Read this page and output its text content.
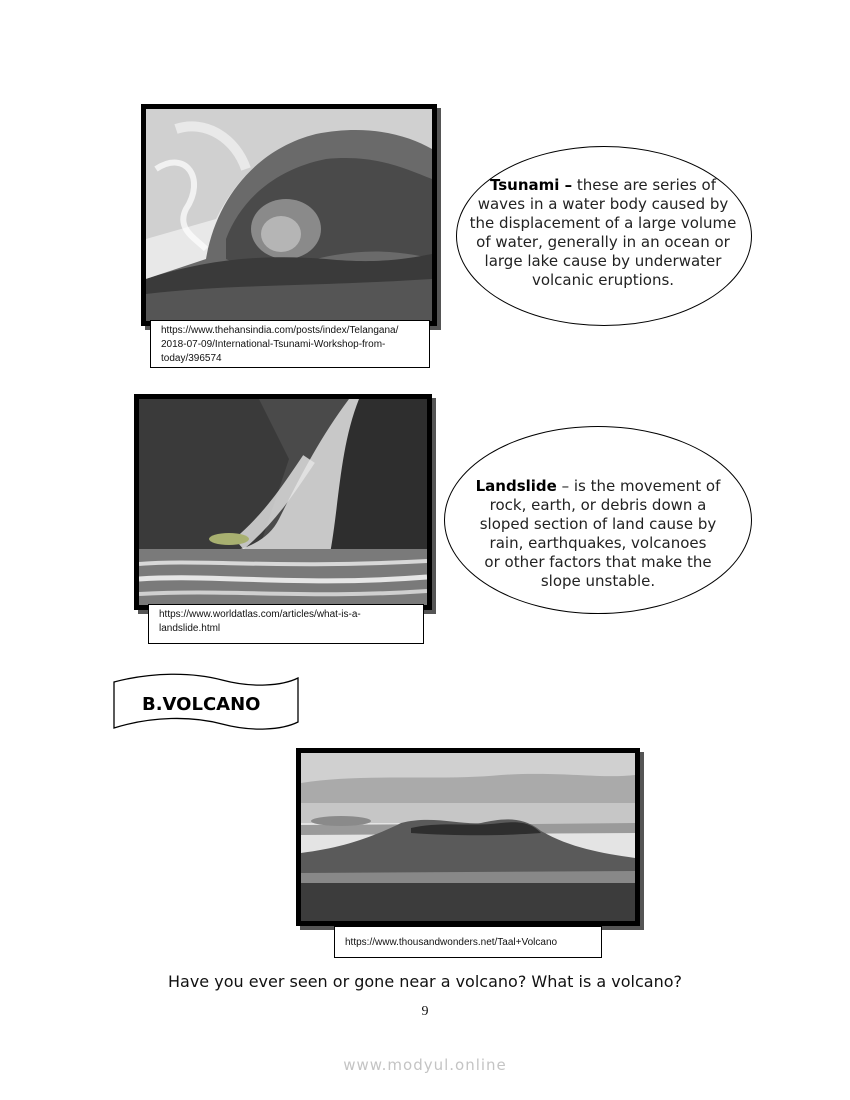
https://www.thehansindia.com/posts/index/Telangana/
2018-07-09/International-Tsunami-Workshop-from-
today/396574
Tsunami – these are series of
waves in a water body caused by
the displacement of a large volume
of water, generally in an ocean or
large lake cause by underwater
volcanic eruptions.
https://www.worldatlas.com/articles/what-is-a-
landslide.html
Landslide – is the movement of
rock, earth, or debris down a
sloped section of land cause by
rain, earthquakes, volcanoes
or other factors that make the
slope unstable.
B.VOLCANO
https://www.thousandwonders.net/Taal+Volcano
Have you ever seen or gone near a volcano? What is a volcano?
9
www.modyul.online
